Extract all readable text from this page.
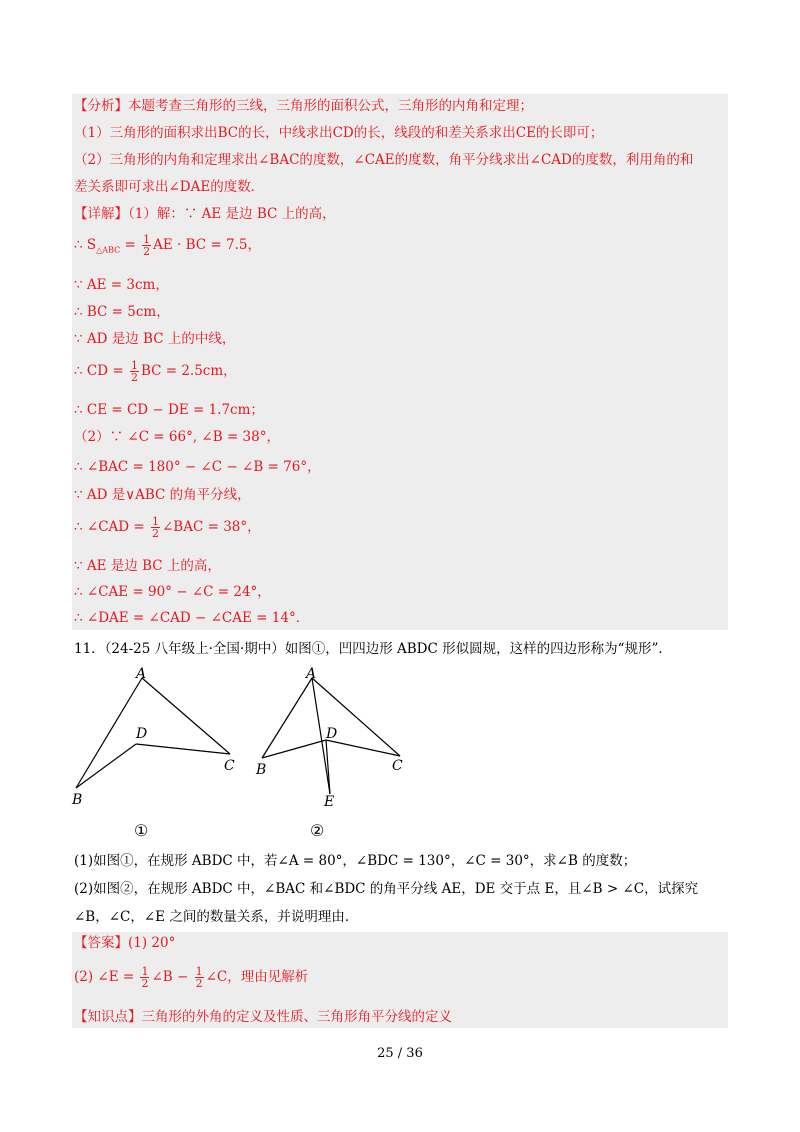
【分析】本题考查三角形的三线，三角形的面积公式，三角形的内角和定理；
（1）三角形的面积求出BC的长，中线求出CD的长，线段的和差关系求出CE的长即可；
（2）三角形的内角和定理求出∠BAC的度数，∠CAE的度数，角平分线求出∠CAD的度数，利用角的和
差关系即可求出∠DAE的度数．
【详解】（1）解：∵ AE 是边 BC 上的高，
∴ $S_{\triangle ABC} = \frac{1}{2}$ AE · BC = 7.5，
∵ AE = 3cm，
∴ BC = 5cm，
∵ AD 是边 BC 上的中线，
∴ CD = $\frac{1}{2}$ BC = 2.5cm，
∴ CE = CD − DE = 1.7cm；
（2）∵ ∠C = 66°, ∠B = 38°，
∴ ∠BAC = 180° − ∠C − ∠B = 76°，
∵ AD 是∨ABC 的角平分线，
∴ ∠CAD = $\frac{1}{2}$ ∠BAC = 38°，
∵ AE 是边 BC 上的高，
∴ ∠CAE = 90° − ∠C = 24°，
∴ ∠DAE = ∠CAD − ∠CAE = 14°．
11．（24-25 八年级上·全国·期中）如图①，凹四边形 ABDC 形似圆规，这样的四边形称为“规形”．
A
D
C
B
①
A
D
B	C
E
②
(1)如图①，在规形 ABDC 中，若∠A = 80°，∠BDC = 130°，∠C = 30°，求∠B 的度数；
(2)如图②，在规形 ABDC 中，∠BAC 和∠BDC 的角平分线 AE，DE 交于点 E，且∠B > ∠C，试探究
∠B，∠C，∠E 之间的数量关系，并说明理由．
【答案】(1) 20°
(2) ∠E = $\frac{1}{2}$ ∠B − $\frac{1}{2}$ ∠C，理由见解析
【知识点】三角形的外角的定义及性质、三角形角平分线的定义
25 / 36
